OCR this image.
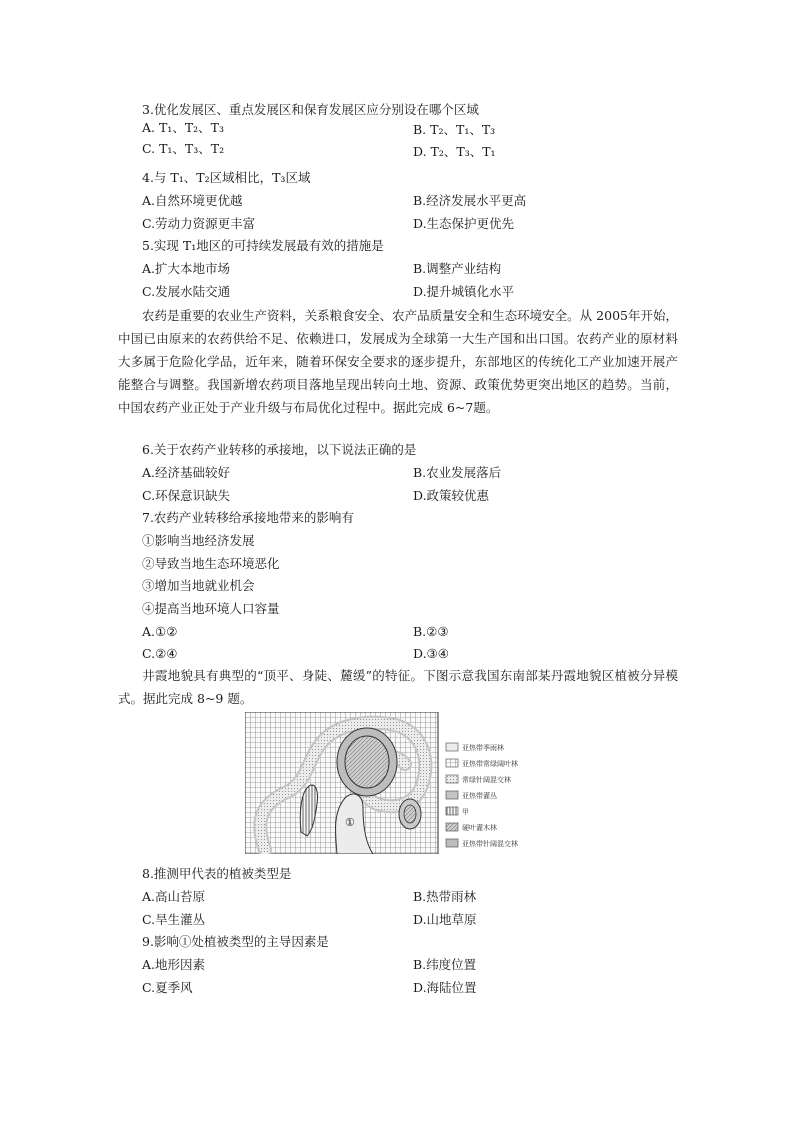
3.优化发展区、重点发展区和保育发展区应分别设在哪个区域
A. T₁、T₂、T₃	B. T₂、T₁、T₃
C. T₁、T₃、T₂	D. T₂、T₃、T₁
4.与 T₁、T₂区域相比，T₃区域
A.自然环境更优越	B.经济发展水平更高
C.劳动力资源更丰富	D.生态保护更优先
5.实现 T₁地区的可持续发展最有效的措施是
A.扩大本地市场	B.调整产业结构
C.发展水陆交通	D.提升城镇化水平
农药是重要的农业生产资料，关系粮食安全、农产品质量安全和生态环境安全。从 2005年开始，中国已由原来的农药供给不足、依赖进口，发展成为全球第一大生产国和出口国。农药产业的原材料大多属于危险化学品，近年来，随着环保安全要求的逐步提升，东部地区的传统化工产业加速开展产能整合与调整。我国新增农药项目落地呈现出转向土地、资源、政策优势更突出地区的趋势。当前，中国农药产业正处于产业升级与布局优化过程中。据此完成 6~7题。
6.关于农药产业转移的承接地，以下说法正确的是
A.经济基础较好	B.农业发展落后
C.环保意识缺失	D.政策较优惠
7.农药产业转移给承接地带来的影响有
①影响当地经济发展
②导致当地生态环境恶化
③增加当地就业机会
④提高当地环境人口容量
A.①②	B.②③
C.②④	D.③④
井霞地貌具有典型的“顶平、身陡、麓缓”的特征。下图示意我国东南部某丹霞地貌区植被分异模式。据此完成 8~9 题。
①
亚热带季雨林
亚热带常绿阔叶林
常绿针阔混交林
亚热带灌丛
甲
硬叶灌木林
亚热带针阔混交林
8.推测甲代表的植被类型是
A.高山苔原	B.热带雨林
C.旱生灌丛	D.山地草原
9.影响①处植被类型的主导因素是
A.地形因素	B.纬度位置
C.夏季风	D.海陆位置
